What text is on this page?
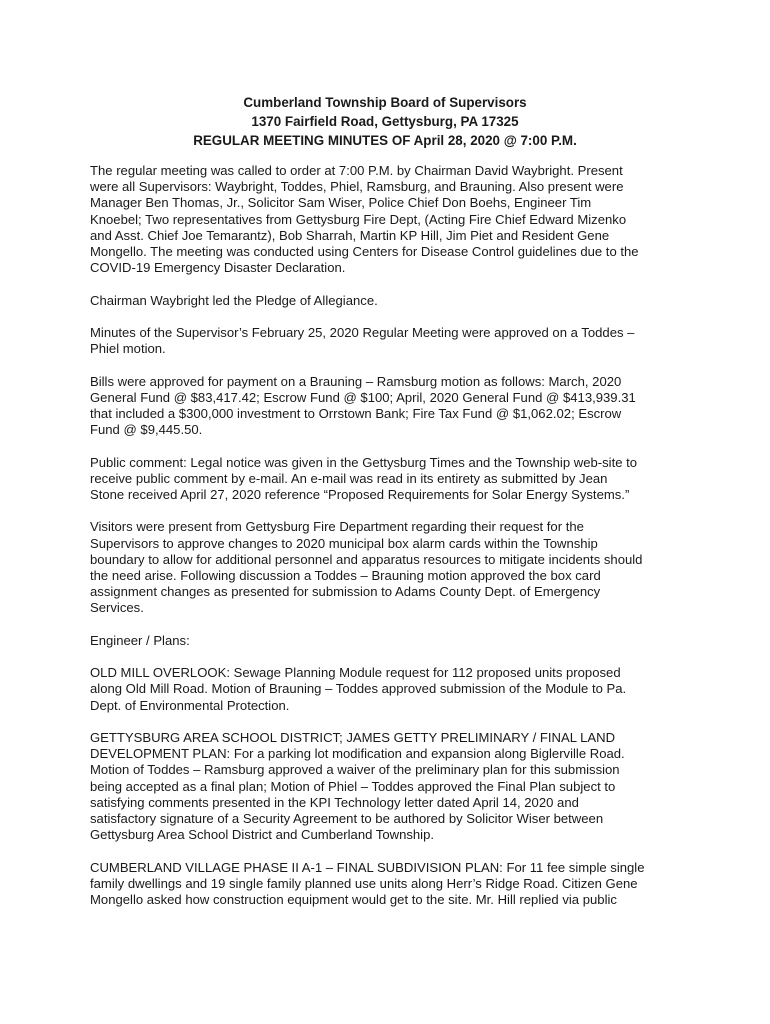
Cumberland Township Board of Supervisors
1370 Fairfield Road, Gettysburg, PA 17325
REGULAR MEETING MINUTES OF April 28, 2020 @ 7:00 P.M.

The regular meeting was called to order at 7:00 P.M. by Chairman David Waybright. Present
were all Supervisors: Waybright, Toddes, Phiel, Ramsburg, and Brauning. Also present were
Manager Ben Thomas, Jr., Solicitor Sam Wiser, Police Chief Don Boehs, Engineer Tim
Knoebel; Two representatives from Gettysburg Fire Dept, (Acting Fire Chief Edward Mizenko
and Asst. Chief Joe Temarantz), Bob Sharrah, Martin KP Hill, Jim Piet and Resident Gene
Mongello. The meeting was conducted using Centers for Disease Control guidelines due to the
COVID-19 Emergency Disaster Declaration.

Chairman Waybright led the Pledge of Allegiance.

Minutes of the Supervisor’s February 25, 2020 Regular Meeting were approved on a Toddes –
Phiel motion.

Bills were approved for payment on a Brauning – Ramsburg motion as follows: March, 2020
General Fund @ $83,417.42; Escrow Fund @ $100; April, 2020 General Fund @ $413,939.31
that included a $300,000 investment to Orrstown Bank; Fire Tax Fund @ $1,062.02; Escrow
Fund @ $9,445.50.

Public comment: Legal notice was given in the Gettysburg Times and the Township web-site to
receive public comment by e-mail. An e-mail was read in its entirety as submitted by Jean
Stone received April 27, 2020 reference “Proposed Requirements for Solar Energy Systems.”

Visitors were present from Gettysburg Fire Department regarding their request for the
Supervisors to approve changes to 2020 municipal box alarm cards within the Township
boundary to allow for additional personnel and apparatus resources to mitigate incidents should
the need arise. Following discussion a Toddes – Brauning motion approved the box card
assignment changes as presented for submission to Adams County Dept. of Emergency
Services.

Engineer / Plans:

OLD MILL OVERLOOK: Sewage Planning Module request for 112 proposed units proposed
along Old Mill Road. Motion of Brauning – Toddes approved submission of the Module to Pa.
Dept. of Environmental Protection.

GETTYSBURG AREA SCHOOL DISTRICT; JAMES GETTY PRELIMINARY / FINAL LAND
DEVELOPMENT PLAN: For a parking lot modification and expansion along Biglerville Road.
Motion of Toddes – Ramsburg approved a waiver of the preliminary plan for this submission
being accepted as a final plan; Motion of Phiel – Toddes approved the Final Plan subject to
satisfying comments presented in the KPI Technology letter dated April 14, 2020 and
satisfactory signature of a Security Agreement to be authored by Solicitor Wiser between
Gettysburg Area School District and Cumberland Township.

CUMBERLAND VILLAGE PHASE II A-1 – FINAL SUBDIVISION PLAN: For 11 fee simple single
family dwellings and 19 single family planned use units along Herr’s Ridge Road. Citizen Gene
Mongello asked how construction equipment would get to the site. Mr. Hill replied via public
